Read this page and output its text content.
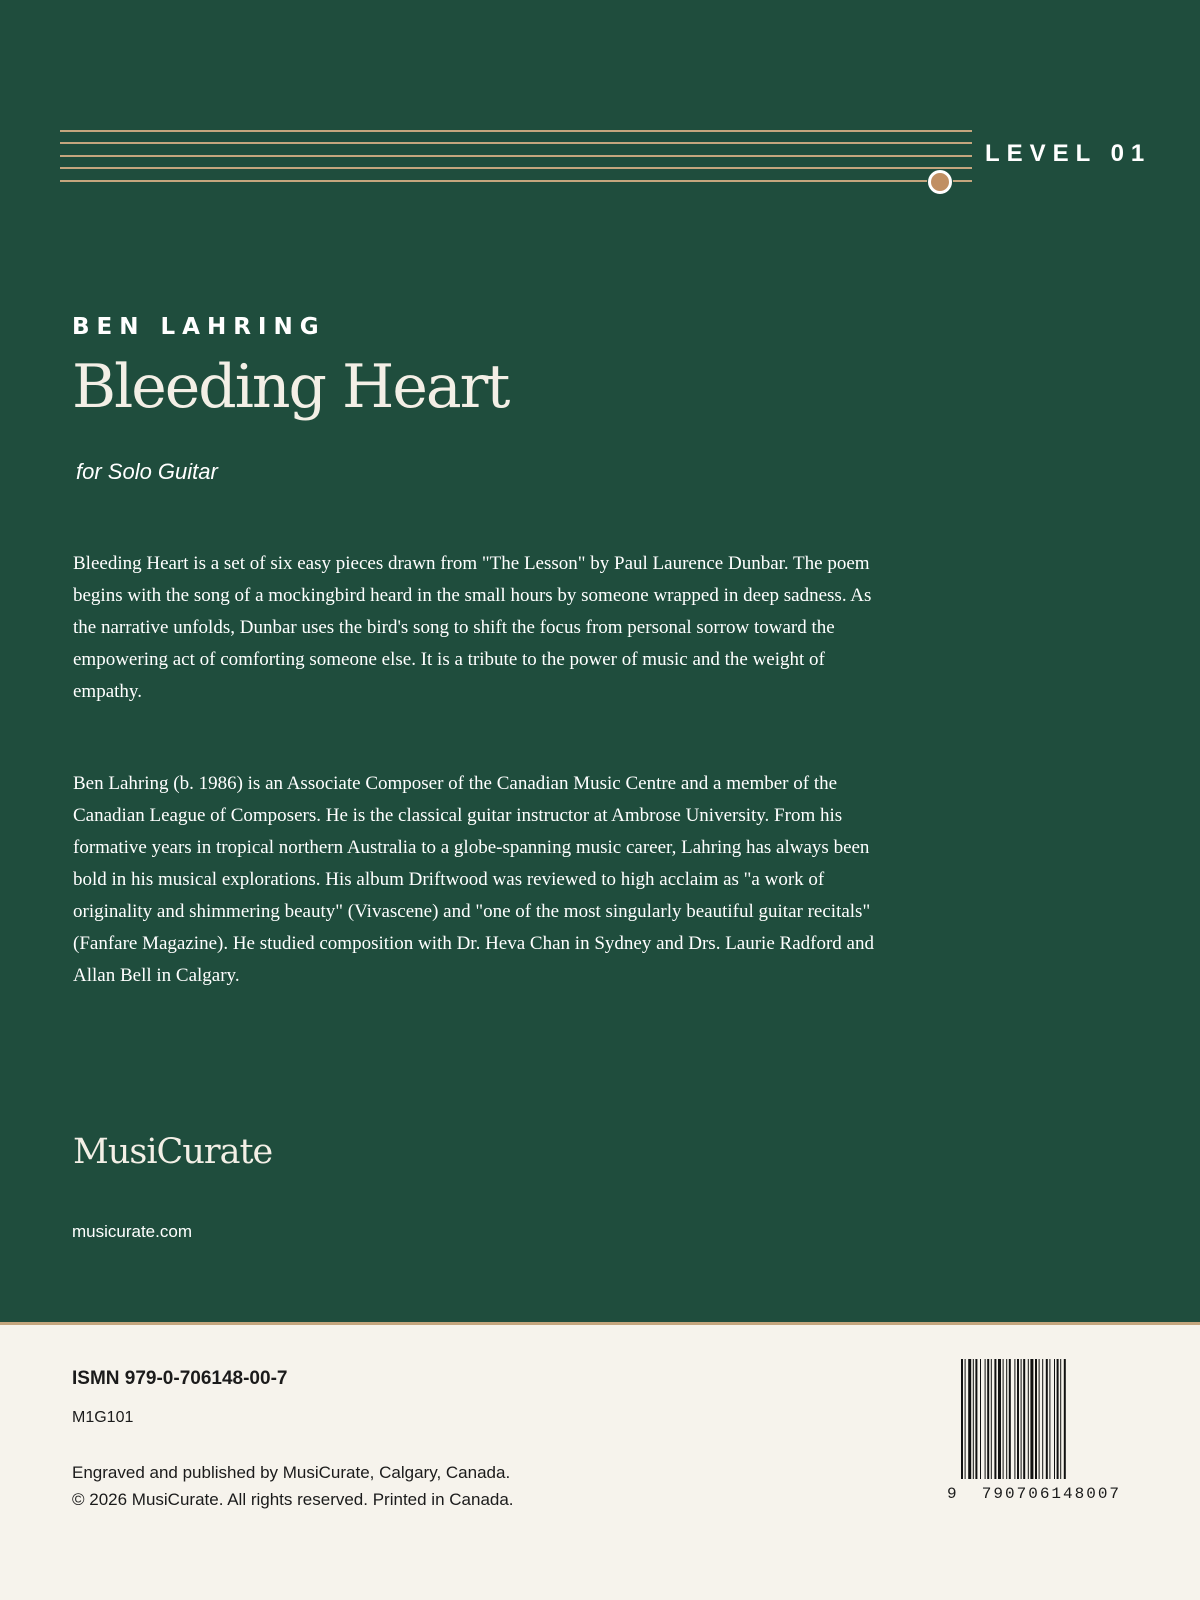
LEVEL 01
BEN LAHRING
Bleeding Heart
for Solo Guitar

Bleeding Heart is a set of six easy pieces drawn from "The Lesson" by Paul Laurence Dunbar. The poem begins with the song of a mockingbird heard in the small hours by someone wrapped in deep sadness. As the narrative unfolds, Dunbar uses the bird's song to shift the focus from personal sorrow toward the empowering act of comforting someone else. It is a tribute to the power of music and the weight of empathy.

Ben Lahring (b. 1986) is an Associate Composer of the Canadian Music Centre and a member of the Canadian League of Composers. He is the classical guitar instructor at Ambrose University. From his formative years in tropical northern Australia to a globe-spanning music career, Lahring has always been bold in his musical explorations. His album Driftwood was reviewed to high acclaim as "a work of originality and shimmering beauty" (Vivascene) and "one of the most singularly beautiful guitar recitals" (Fanfare Magazine). He studied composition with Dr. Heva Chan in Sydney and Drs. Laurie Radford and Allan Bell in Calgary.

MusiCurate
musicurate.com
ISMN 979-0-706148-00-7
M1G101
Engraved and published by MusiCurate, Calgary, Canada.
© 2026 MusiCurate. All rights reserved. Printed in Canada.	9  790706148007
